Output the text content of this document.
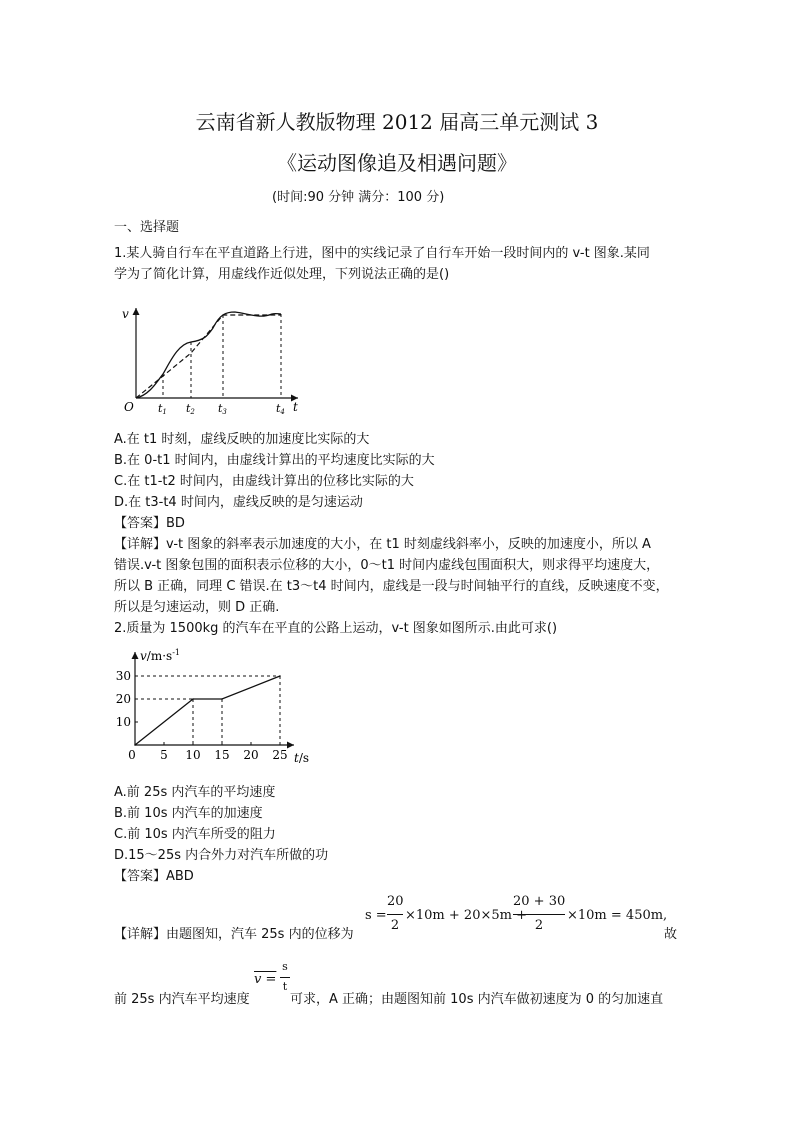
云南省新人教版物理 2012 届高三单元测试 3
《运动图像追及相遇问题》
(时间:90 分钟 满分：100 分)
一、选择题
1.某人骑自行车在平直道路上行进，图中的实线记录了自行车开始一段时间内的 v-t 图象.某同
学为了简化计算，用虚线作近似处理，下列说法正确的是()
v
O	t
t1 t2 t3	t4
A.在 t1 时刻，虚线反映的加速度比实际的大
B.在 0-t1 时间内，由虚线计算出的平均速度比实际的大
C.在 t1-t2 时间内，由虚线计算出的位移比实际的大
D.在 t3-t4 时间内，虚线反映的是匀速运动
【答案】BD
【详解】v-t 图象的斜率表示加速度的大小，在 t1 时刻虚线斜率小，反映的加速度小，所以 A
错误.v-t 图象包围的面积表示位移的大小，0～t1 时间内虚线包围面积大，则求得平均速度大，
所以 B 正确，同理 C 错误.在 t3～t4 时间内，虚线是一段与时间轴平行的直线，反映速度不变，
所以是匀速运动，则 D 正确.
2.质量为 1500kg 的汽车在平直的公路上运动，v-t 图象如图所示.由此可求()
0 5 10 15 20 25
10
20
30
$v/m\cdot s^{-1}$
t/s
A.前 25s 内汽车的平均速度
B.前 10s 内汽车的加速度
C.前 10s 内汽车所受的阻力
D.15～25s 内合外力对汽车所做的功
【答案】ABD
【详解】由题图知，汽车 25s 内的位移为
s =
20
2
×10m + 20×5m +
20 + 30
2
×10m = 450m,
故
前 25s 内汽车平均速度
v =
s
t
可求，A 正确；由题图知前 10s 内汽车做初速度为 0 的匀加速直
